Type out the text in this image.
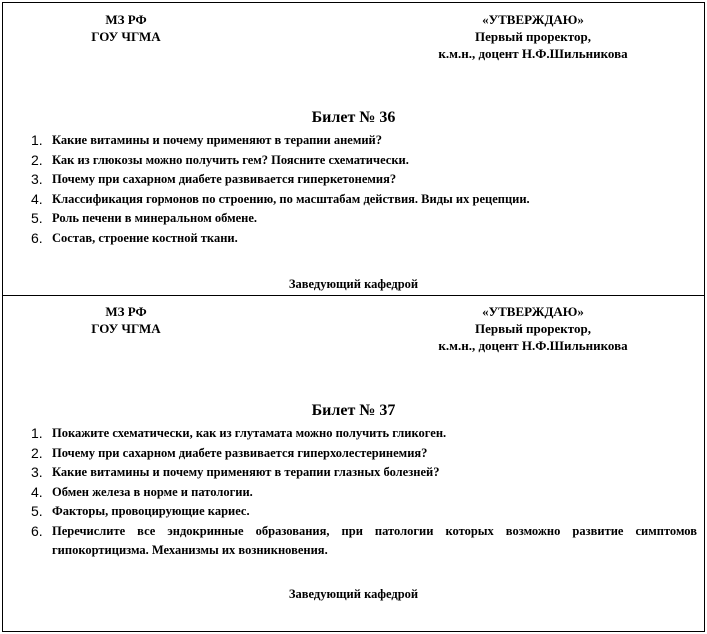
МЗ РФ
ГОУ ЧГМА
«УТВЕРЖДАЮ»
Первый проректор,
к.м.н., доцент Н.Ф.Шильникова
Билет № 36
1. Какие витамины и почему применяют в терапии анемий?
2. Как из глюкозы можно получить гем? Поясните схематически.
3. Почему при сахарном диабете развивается гиперкетонемия?
4. Классификация гормонов по строению, по масштабам действия. Виды их рецепции.
5. Роль печени в минеральном обмене.
6. Состав, строение костной ткани.
Заведующий кафедрой
МЗ РФ
ГОУ ЧГМА
«УТВЕРЖДАЮ»
Первый проректор,
к.м.н., доцент Н.Ф.Шильникова
Билет № 37
1. Покажите схематически, как из глутамата можно получить гликоген.
2. Почему при сахарном диабете развивается гиперхолестеринемия?
3. Какие витамины и почему применяют в терапии глазных болезней?
4. Обмен железа в норме и патологии.
5. Факторы, провоцирующие кариес.
6. Перечислите все эндокринные образования, при патологии которых возможно развитие симптомов гипокортицизма. Механизмы их возникновения.
Заведующий кафедрой
